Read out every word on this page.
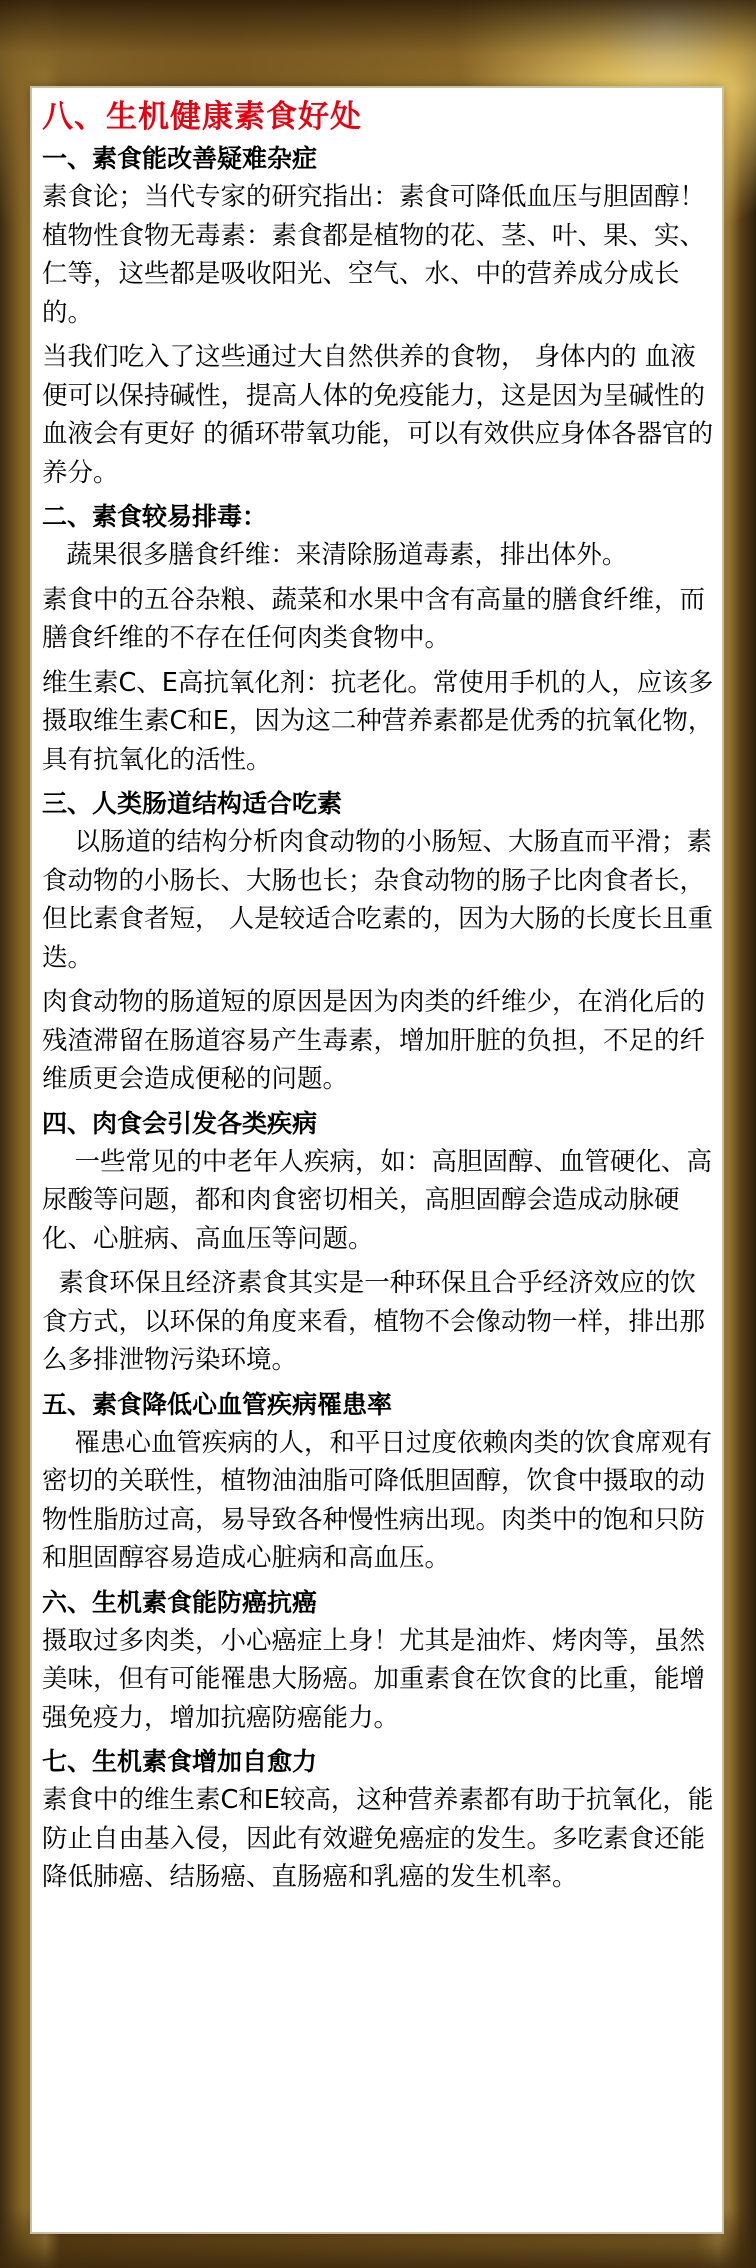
八、生机健康素食好处
一、素食能改善疑难杂症

素食论；当代专家的研究指出：素食可降低血压与胆固醇！植物性食物无毒素：素食都是植物的花、茎、叶、果、实、仁等，这些都是吸收阳光、空气、水、中的营养成分成长的。

当我们吃入了这些通过大自然供养的食物， 身体内的 血液便可以保持碱性，提高人体的免疫能力，这是因为呈碱性的血液会有更好 的循环带氧功能，可以有效供应身体各器官的养分。

二、素食较易排毒：

蔬果很多膳食纤维：来清除肠道毒素，排出体外。

素食中的五谷杂粮、蔬菜和水果中含有高量的膳食纤维，而膳食纤维的不存在任何肉类食物中。

维生素C、E高抗氧化剂：抗老化。常使用手机的人，应该多摄取维生素C和E，因为这二种营养素都是优秀的抗氧化物，具有抗氧化的活性。

三、人类肠道结构适合吃素

以肠道的结构分析肉食动物的小肠短、大肠直而平滑；素食动物的小肠长、大肠也长；杂食动物的肠子比肉食者长，但比素食者短， 人是较适合吃素的，因为大肠的长度长且重迭。

肉食动物的肠道短的原因是因为肉类的纤维少，在消化后的残渣滞留在肠道容易产生毒素，增加肝脏的负担，不足的纤维质更会造成便秘的问题。

四、肉食会引发各类疾病

一些常见的中老年人疾病，如：高胆固醇、血管硬化、高尿酸等问题，都和肉食密切相关，高胆固醇会造成动脉硬化、心脏病、高血压等问题。

素食环保且经济素食其实是一种环保且合乎经济效应的饮食方式，以环保的角度来看，植物不会像动物一样，排出那么多排泄物污染环境。

五、素食降低心血管疾病罹患率

罹患心血管疾病的人，和平日过度依赖肉类的饮食席观有密切的关联性，植物油油脂可降低胆固醇，饮食中摄取的动物性脂肪过高，易导致各种慢性病出现。肉类中的饱和只防和胆固醇容易造成心脏病和高血压。

六、生机素食能防癌抗癌

摄取过多肉类，小心癌症上身！尤其是油炸、烤肉等，虽然美味，但有可能罹患大肠癌。加重素食在饮食的比重，能增强免疫力，增加抗癌防癌能力。

七、生机素食增加自愈力

素食中的维生素C和E较高，这种营养素都有助于抗氧化，能防止自由基入侵，因此有效避免癌症的发生。多吃素食还能降低肺癌、结肠癌、直肠癌和乳癌的发生机率。
